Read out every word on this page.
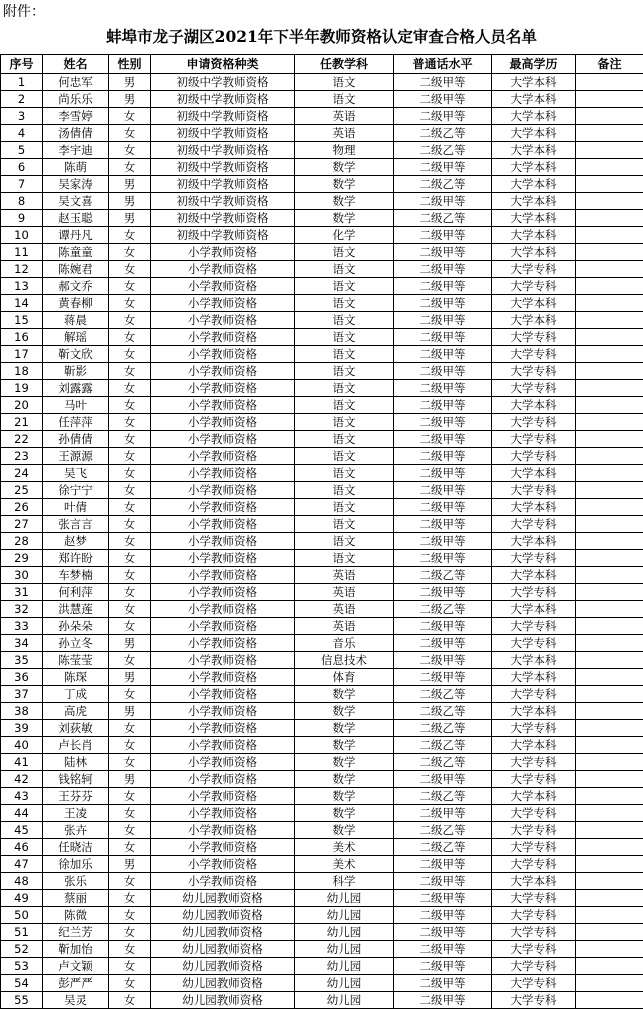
附件：
蚌埠市龙子湖区2021年下半年教师资格认定审查合格人员名单
序号	姓名	性别	申请资格种类	任教学科	普通话水平	最高学历	备注
1	何忠军	男	初级中学教师资格	语文	二级甲等	大学本科	
2	尚乐乐	男	初级中学教师资格	语文	二级甲等	大学本科	
3	李雪婷	女	初级中学教师资格	英语	二级甲等	大学本科	
4	汤倩倩	女	初级中学教师资格	英语	二级乙等	大学本科	
5	李宇迪	女	初级中学教师资格	物理	二级乙等	大学本科	
6	陈萌	女	初级中学教师资格	数学	二级甲等	大学本科	
7	吴家涛	男	初级中学教师资格	数学	二级乙等	大学本科	
8	吴文喜	男	初级中学教师资格	数学	二级甲等	大学本科	
9	赵玉聪	男	初级中学教师资格	数学	二级乙等	大学本科	
10	谭丹凡	女	初级中学教师资格	化学	二级甲等	大学本科	
11	陈童童	女	小学教师资格	语文	二级甲等	大学本科	
12	陈婉君	女	小学教师资格	语文	二级甲等	大学专科	
13	郝文乔	女	小学教师资格	语文	二级甲等	大学专科	
14	黄春柳	女	小学教师资格	语文	二级甲等	大学本科	
15	蒋晨	女	小学教师资格	语文	二级甲等	大学本科	
16	解瑶	女	小学教师资格	语文	二级甲等	大学专科	
17	靳文欣	女	小学教师资格	语文	二级甲等	大学专科	
18	靳影	女	小学教师资格	语文	二级甲等	大学专科	
19	刘露露	女	小学教师资格	语文	二级甲等	大学专科	
20	马叶	女	小学教师资格	语文	二级甲等	大学本科	
21	任萍萍	女	小学教师资格	语文	二级甲等	大学专科	
22	孙倩倩	女	小学教师资格	语文	二级甲等	大学专科	
23	王源源	女	小学教师资格	语文	二级甲等	大学专科	
24	吴飞	女	小学教师资格	语文	二级甲等	大学本科	
25	徐宁宁	女	小学教师资格	语文	二级甲等	大学专科	
26	叶倩	女	小学教师资格	语文	二级甲等	大学本科	
27	张言言	女	小学教师资格	语文	二级甲等	大学专科	
28	赵梦	女	小学教师资格	语文	二级甲等	大学本科	
29	郑许盼	女	小学教师资格	语文	二级甲等	大学专科	
30	车梦楠	女	小学教师资格	英语	二级乙等	大学本科	
31	何利萍	女	小学教师资格	英语	二级甲等	大学专科	
32	洪慧莲	女	小学教师资格	英语	二级乙等	大学本科	
33	孙朵朵	女	小学教师资格	英语	二级甲等	大学专科	
34	孙立冬	男	小学教师资格	音乐	二级甲等	大学专科	
35	陈莹莹	女	小学教师资格	信息技术	二级甲等	大学本科	
36	陈琛	男	小学教师资格	体育	二级甲等	大学本科	
37	丁成	女	小学教师资格	数学	二级乙等	大学专科	
38	高虎	男	小学教师资格	数学	二级乙等	大学本科	
39	刘荻敏	女	小学教师资格	数学	二级乙等	大学专科	
40	卢长肖	女	小学教师资格	数学	二级乙等	大学本科	
41	陆林	女	小学教师资格	数学	二级乙等	大学专科	
42	钱铭轲	男	小学教师资格	数学	二级甲等	大学专科	
43	王芬芬	女	小学教师资格	数学	二级乙等	大学本科	
44	王凌	女	小学教师资格	数学	二级甲等	大学专科	
45	张卉	女	小学教师资格	数学	二级乙等	大学专科	
46	任晓洁	女	小学教师资格	美术	二级乙等	大学专科	
47	徐加乐	男	小学教师资格	美术	二级甲等	大学专科	
48	张乐	女	小学教师资格	科学	二级甲等	大学本科	
49	蔡丽	女	幼儿园教师资格	幼儿园	二级甲等	大学专科	
50	陈微	女	幼儿园教师资格	幼儿园	二级甲等	大学专科	
51	纪兰芳	女	幼儿园教师资格	幼儿园	二级甲等	大学专科	
52	靳加怡	女	幼儿园教师资格	幼儿园	二级甲等	大学专科	
53	卢文颖	女	幼儿园教师资格	幼儿园	二级甲等	大学专科	
54	彭严严	女	幼儿园教师资格	幼儿园	二级甲等	大学专科	
55	吴灵	女	幼儿园教师资格	幼儿园	二级甲等	大学专科	
